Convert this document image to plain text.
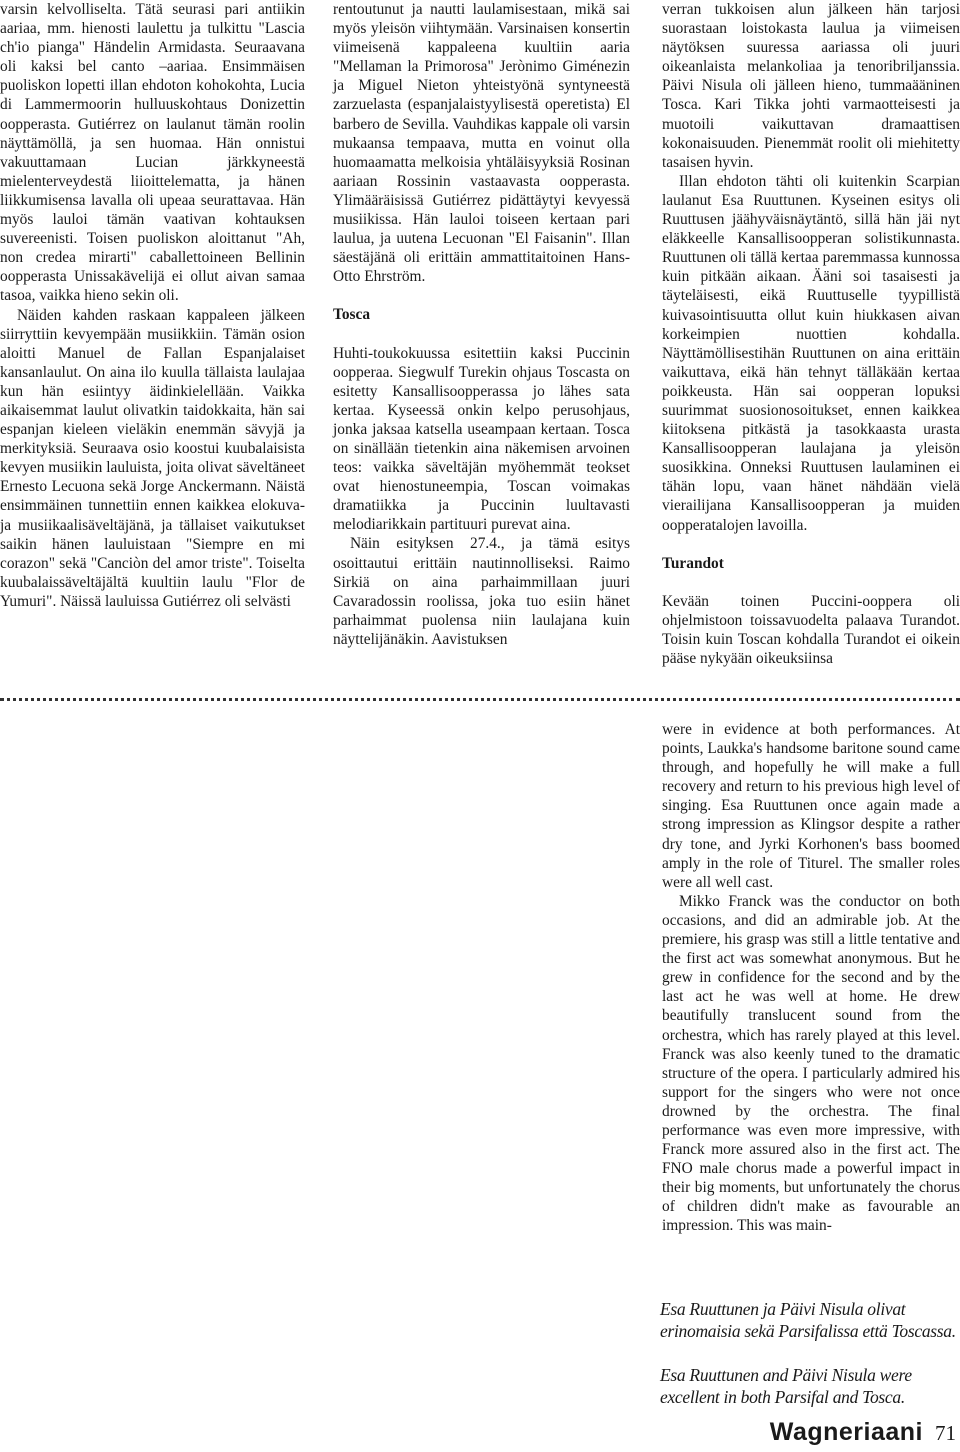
varsin kelvolliselta. Tätä seurasi pari antiikin aariaa, mm. hienosti laulettu ja tulkittu "Lascia ch'io pianga" Händelin Armidasta. Seuraavana oli kaksi bel canto –aariaa. Ensimmäisen puoliskon lopetti illan ehdoton kohokohta, Lucia di Lammermoorin hulluuskohtaus Donizettin oopperasta. Gutiérrez on laulanut tämän roolin näyttämöllä, ja sen huomaa. Hän onnistui vakuuttamaan Lucian järkkyneestä mielenterveydestä liioittelematta, ja hänen liikkumisensa lavalla oli upeaa seurattavaa. Hän myös lauloi tämän vaativan kohtauksen suvereenisti. Toisen puoliskon aloittanut "Ah, non credea mirarti" caballettoineen Bellinin oopperasta Unissakävelijä ei ollut aivan samaa tasoa, vaikka hieno sekin oli.

Näiden kahden raskaan kappaleen jälkeen siirryttiin kevyempään musiikkiin. Tämän osion aloitti Manuel de Fallan Espanjalaiset kansanlaulut. On aina ilo kuulla tällaista laulajaa kun hän esiintyy äidinkielellään. Vaikka aikaisemmat laulut olivatkin taidokkaita, hän sai espanjan kieleen vieläkin enemmän sävyjä ja merkityksiä. Seuraava osio koostui kuubalaisista kevyen musiikin lauluista, joita olivat säveltäneet Ernesto Lecuona sekä Jorge Anckermann. Näistä ensimmäinen tunnettiin ennen kaikkea elokuva- ja musiikaalisäveltäjänä, ja tällaiset vaikutukset saikin hänen lauluistaan "Siempre en mi corazon" sekä "Canciòn del amor triste". Toiselta kuubalaissäveltäjältä kuultiin laulu "Flor de Yumuri". Näissä lauluissa Gutiérrez oli selvästi

rentoutunut ja nautti laulamisestaan, mikä sai myös yleisön viihtymään. Varsinaisen konsertin viimeisenä kappaleena kuultiin aaria "Mellaman la Primorosa" Jerònimo Giménezin ja Miguel Nieton yhteistyönä syntyneestä zarzuelasta (espanjalaistyylisestä operetista) El barbero de Sevilla. Vauhdikas kappale oli varsin mukaansa tempaava, mutta en voinut olla huomaamatta melkoisia yhtäläisyyksiä Rosinan aariaan Rossinin vastaavasta oopperasta. Ylimääräisissä Gutiérrez pidättäytyi kevyessä musiikissa. Hän lauloi toiseen kertaan pari laulua, ja uutena Lecuonan "El Faisanin". Illan säestäjänä oli erittäin ammattitaitoinen Hans-Otto Ehrström.

Tosca

Huhti-toukokuussa esitettiin kaksi Puccinin oopperaa. Siegwulf Turekin ohjaus Toscasta on esitetty Kansallisoopperassa jo lähes sata kertaa. Kyseessä onkin kelpo perusohjaus, jonka jaksaa katsella useampaan kertaan. Tosca on sinällään tietenkin aina näkemisen arvoinen teos: vaikka säveltäjän myöhemmät teokset ovat hienostuneempia, Toscan voimakas dramatiikka ja Puccinin luultavasti melodiarikkain partituuri purevat aina.

Näin esityksen 27.4., ja tämä esitys osoittautui erittäin nautinnolliseksi. Raimo Sirkiä on aina parhaimmillaan juuri Cavaradossin roolissa, joka tuo esiin hänet parhaimmat puolensa niin laulajana kuin näyttelijänäkin. Aavistuksen

verran tukkoisen alun jälkeen hän tarjosi suorastaan loistokasta laulua ja viimeisen näytöksen suuressa aariassa oli juuri oikeanlaista melankoliaa ja tenoribriljanssia. Päivi Nisula oli jälleen hieno, tummaääninen Tosca. Kari Tikka johti varmaotteisesti ja muotoili vaikuttavan dramaattisen kokonaisuuden. Pienemmät roolit oli miehitetty tasaisen hyvin.

Illan ehdoton tähti oli kuitenkin Scarpian laulanut Esa Ruuttunen. Kyseinen esitys oli Ruuttusen jäähyväisnäytäntö, sillä hän jäi nyt eläkkeelle Kansallisoopperan solistikunnasta. Ruuttunen oli tällä kertaa paremmassa kunnossa kuin pitkään aikaan. Ääni soi tasaisesti ja täyteläisesti, eikä Ruuttuselle tyypillistä kuivasointisuutta ollut kuin hiukkasen aivan korkeimpien nuottien kohdalla. Näyttämöllisestihän Ruuttunen on aina erittäin vaikuttava, eikä hän tehnyt tälläkään kertaa poikkeusta. Hän sai oopperan lopuksi suurimmat suosionosoitukset, ennen kaikkea kiitoksena pitkästä ja tasokkaasta urasta Kansallisoopperan laulajana ja yleisön suosikkina. Onneksi Ruuttusen laulaminen ei tähän lopu, vaan hänet nähdään vielä vierailijana Kansallisoopperan ja muiden oopperatalojen lavoilla.

Turandot

Kevään toinen Puccini-ooppera oli ohjelmistoon toissavuodelta palaava Turandot. Toisin kuin Toscan kohdalla Turandot ei oikein pääse nykyään oikeuksiinsa

were in evidence at both performances. At points, Laukka's handsome baritone sound came through, and hopefully he will make a full recovery and return to his previous high level of singing. Esa Ruuttunen once again made a strong impression as Klingsor despite a rather dry tone, and Jyrki Korhonen's bass boomed amply in the role of Titurel. The smaller roles were all well cast.

Mikko Franck was the conductor on both occasions, and did an admirable job. At the premiere, his grasp was still a little tentative and the first act was somewhat anonymous. But he grew in confidence for the second and by the last act he was well at home. He drew beautifully translucent sound from the orchestra, which has rarely played at this level. Franck was also keenly tuned to the dramatic structure of the opera. I particularly admired his support for the singers who were not once drowned by the orchestra. The final performance was even more impressive, with Franck more assured also in the first act. The FNO male chorus made a powerful impact in their big moments, but unfortunately the chorus of children didn't make as favourable an impression. This was main-

Esa Ruuttunen ja Päivi Nisula olivat erinomaisia sekä Parsifalissa että Toscassa.
Esa Ruuttunen and Päivi Nisula were excellent in both Parsifal and Tosca.
Wagneriaani 71
